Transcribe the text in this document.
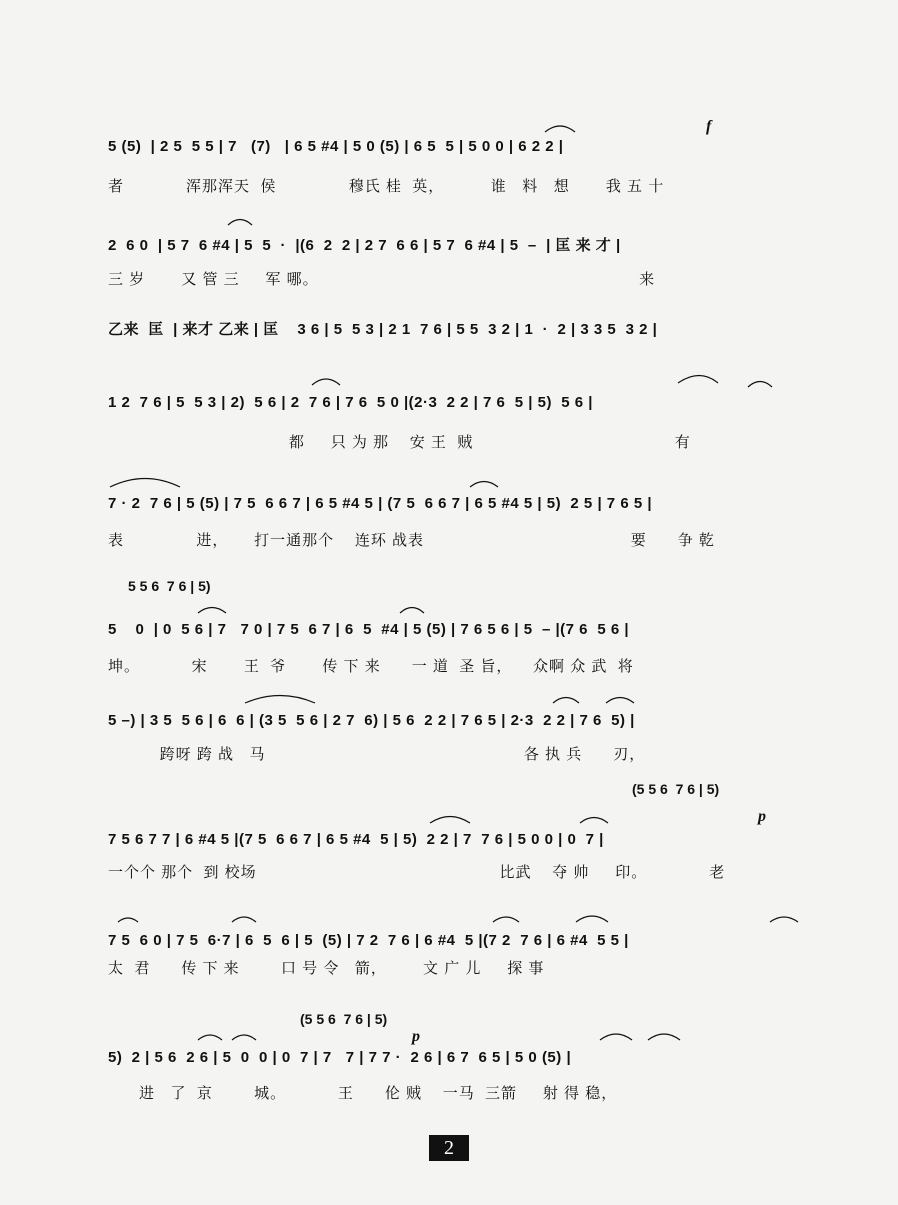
5 (5)  | 2 5  5 5 | 7   (7)   | 6 5 #4 | 5 0 (5) | 6 5  5 | 5 0 0 | 6 2 2 |
者            浑那浑天  侯              穆氏 桂  英，         谁   料   想       我 五 十
2  6 0  | 5 7  6 #4 | 5  5  ·  |(6  2  2 | 2 7  6 6 | 5 7  6 #4 | 5  –  | 匡 来 才 |
三 岁       又 管 三     军 哪。                                                              来
乙来  匡  | 来才 乙来 | 匡    3 6 | 5  5 3 | 2 1  7 6 | 5 5  3 2 | 1  ·  2 | 3 3 5  3 2 |
1 2  7 6 | 5  5 3 | 2)  5 6 | 2  7 6 | 7 6  5 0 |(2·3  2 2 | 7 6  5 | 5)  5 6 |
都     只 为 那    安 王  贼                                       有
7 · 2  7 6 | 5 (5) | 7 5  6 6 7 | 6 5 #4 5 | (7 5  6 6 7 | 6 5 #4 5 | 5)  2 5 | 7 6 5 |
表              进，     打一通那个    连环 战表                                        要      争 乾
5 5 6  7 6 | 5)
5    0  | 0  5 6 | 7   7 0 | 7 5  6 7 | 6  5  #4 | 5 (5) | 7 6 5 6 | 5  – |(7 6  5 6 |
坤。          宋       王  爷       传 下 来      一 道  圣 旨，    众啊 众 武  将
5 –) | 3 5  5 6 | 6  6 | (3 5  5 6 | 2 7  6) | 5 6  2 2 | 7 6 5 | 2·3  2 2 | 7 6  5) |
跨呀 跨 战   马                                                  各 执 兵      刃，
(5 5 6  7 6 | 5)
7 5 6 7 7 | 6 #4 5 |(7 5  6 6 7 | 6 5 #4  5 | 5)  2 2 | 7  7 6 | 5 0 0 | 0  7 |
一个个 那个  到 校场                                               比武    夺 帅     印。            老
7 5  6 0 | 7 5  6·7 | 6  5  6 | 5  (5) | 7 2  7 6 | 6 #4  5 |(7 2  7 6 | 6 #4  5 5 |
太  君      传 下 来        口 号 令   箭，       文 广 儿     探 事
(5 5 6  7 6 | 5)
5)  2 | 5 6  2 6 | 5  0  0 | 0  7 | 7   7 | 7 7 ·  2 6 | 6 7  6 5 | 5 0 (5) |
进   了  京        城。          王      伦 贼    一马  三箭     射 得 稳，
f
p
p
2
